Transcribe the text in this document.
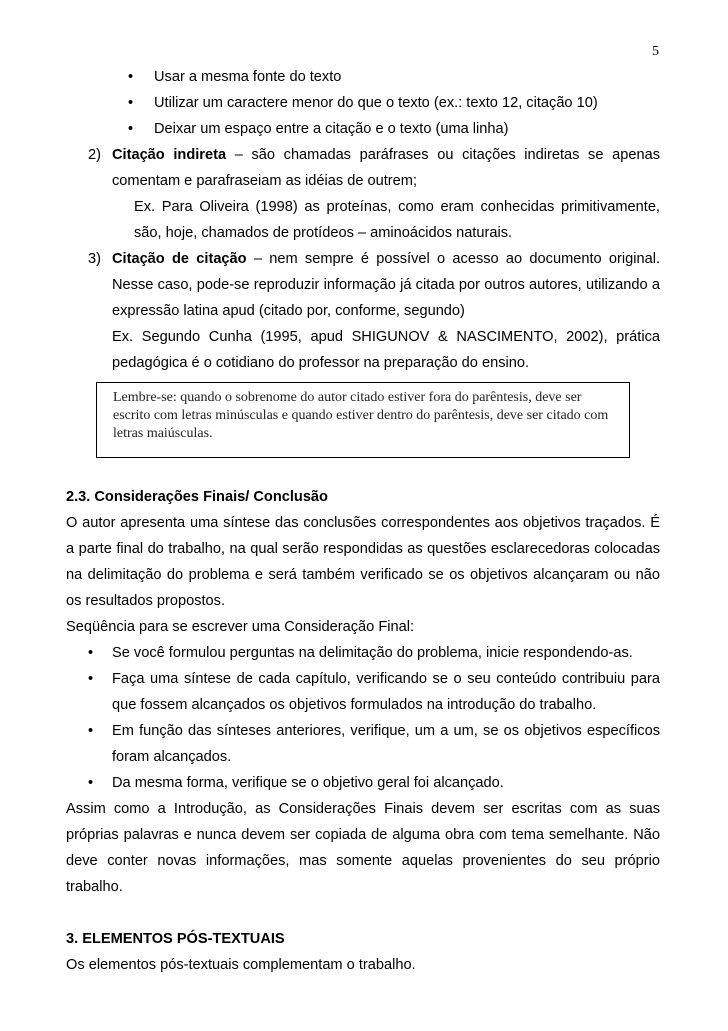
5

• Usar a mesma fonte do texto

• Utilizar um caractere menor do que o texto (ex.: texto 12, citação 10)

• Deixar um espaço entre a citação e o texto (uma linha)

2) Citação indireta – são chamadas paráfrases ou citações indiretas se apenas comentam e parafraseiam as idéias de outrem;

Ex. Para Oliveira (1998) as proteínas, como eram conhecidas primitivamente, são, hoje, chamados de protídeos – aminoácidos naturais.

3) Citação de citação – nem sempre é possível o acesso ao documento original. Nesse caso, pode-se reproduzir informação já citada por outros autores, utilizando a expressão latina apud (citado por, conforme, segundo)

Ex. Segundo Cunha (1995, apud SHIGUNOV & NASCIMENTO, 2002), prática pedagógica é o cotidiano do professor na preparação do ensino.

Lembre-se: quando o sobrenome do autor citado estiver fora do parêntesis, deve ser escrito com letras minúsculas e quando estiver dentro do parêntesis, deve ser citado com letras maiúsculas.

2.3. Considerações Finais/ Conclusão

O autor apresenta uma síntese das conclusões correspondentes aos objetivos traçados. É a parte final do trabalho, na qual serão respondidas as questões esclarecedoras colocadas na delimitação do problema e será também verificado se os objetivos alcançaram ou não os resultados propostos.

Seqüência para se escrever uma Consideração Final:

• Se você formulou perguntas na delimitação do problema, inicie respondendo-as.

• Faça uma síntese de cada capítulo, verificando se o seu conteúdo contribuiu para que fossem alcançados os objetivos formulados na introdução do trabalho.

• Em função das sínteses anteriores, verifique, um a um, se os objetivos específicos foram alcançados.

• Da mesma forma, verifique se o objetivo geral foi alcançado.

Assim como a Introdução, as Considerações Finais devem ser escritas com as suas próprias palavras e nunca devem ser copiada de alguma obra com tema semelhante. Não deve conter novas informações, mas somente aquelas provenientes do seu próprio trabalho.

3. ELEMENTOS PÓS-TEXTUAIS

Os elementos pós-textuais complementam o trabalho.
